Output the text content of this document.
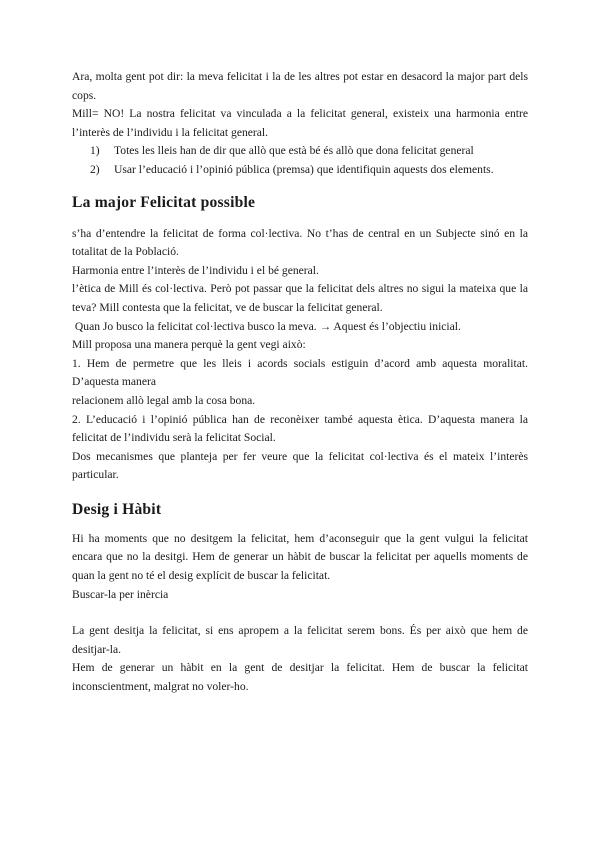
Ara, molta gent pot dir: la meva felicitat i la de les altres pot estar en desacord la major part dels cops.

Mill= NO! La nostra felicitat va vinculada a la felicitat general, existeix una harmonia entre l’interès de l’individu i la felicitat general.

1)	Totes les lleis han de dir que allò que està bé és allò que dona felicitat general
2)	Usar l’educació i l’opinió pública (premsa) que identifiquin aquests dos elements.
La major Felicitat possible

s’ha d’entendre la felicitat de forma col·lectiva. No t’has de central en un Subjecte sinó en la totalitat de la Població.

Harmonia entre l’interès de l’individu i el bé general.

l’ètica de Mill és col·lectiva. Però pot passar que la felicitat dels altres no sigui la mateixa que la teva? Mill contesta que la felicitat, ve de buscar la felicitat general.

Quan Jo busco la felicitat col·lectiva busco la meva. → Aquest és l’objectiu inicial.

Mill proposa una manera perquè la gent vegi això:

1. Hem de permetre que les lleis i acords socials estiguin d’acord amb aquesta moralitat. D’aquesta manera

relacionem allò legal amb la cosa bona.

2. L’educació i l’opinió pública han de reconèixer també aquesta ètica. D’aquesta manera la felicitat de l’individu serà la felicitat Social.

Dos mecanismes que planteja per fer veure que la felicitat col·lectiva és el mateix l’interès particular.

Desig i Hàbit

Hi ha moments que no desitgem la felicitat, hem d’aconseguir que la gent vulgui la felicitat encara que no la desitgi. Hem de generar un hàbit de buscar la felicitat per aquells moments de quan la gent no té el desig explícit de buscar la felicitat.

Buscar-la per inèrcia

La gent desitja la felicitat, si ens apropem a la felicitat serem bons. És per això que hem de desitjar-la.

Hem de generar un hàbit en la gent de desitjar la felicitat. Hem de buscar la felicitat inconscientment, malgrat no voler-ho.
